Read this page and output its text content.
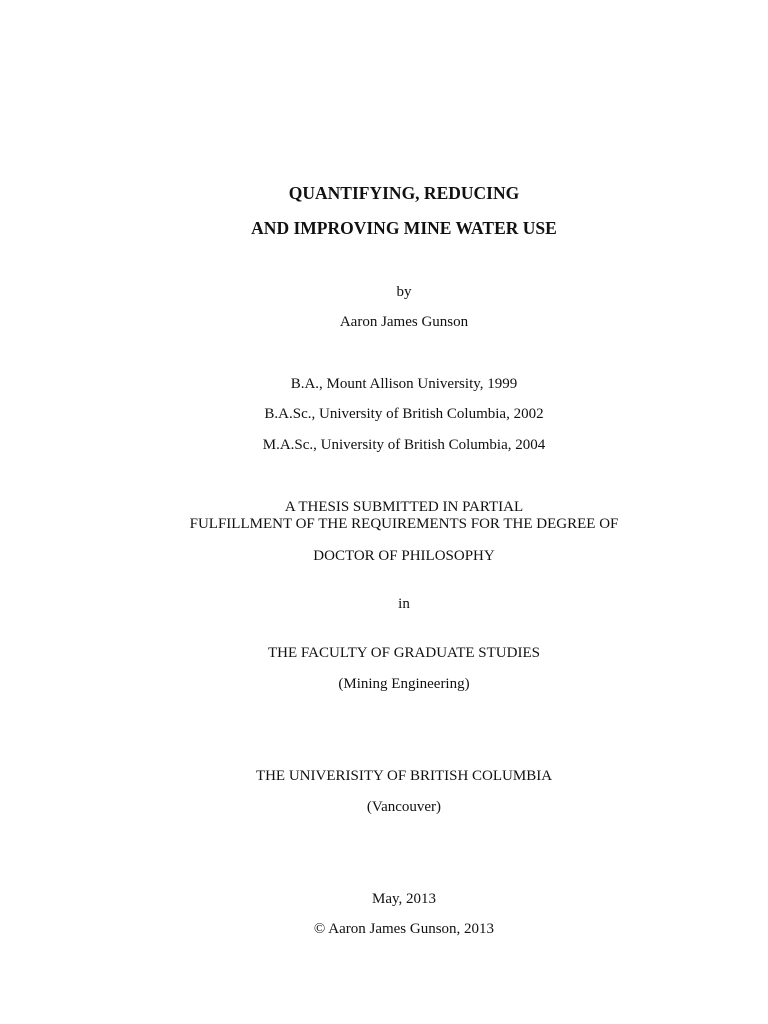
QUANTIFYING, REDUCING
AND IMPROVING MINE WATER USE
by
Aaron James Gunson
B.A., Mount Allison University, 1999
B.A.Sc., University of British Columbia, 2002
M.A.Sc., University of British Columbia, 2004
A THESIS SUBMITTED IN PARTIAL
FULFILLMENT OF THE REQUIREMENTS FOR THE DEGREE OF
DOCTOR OF PHILOSOPHY
in
THE FACULTY OF GRADUATE STUDIES
(Mining Engineering)
THE UNIVERISITY OF BRITISH COLUMBIA
(Vancouver)
May, 2013
© Aaron James Gunson, 2013
